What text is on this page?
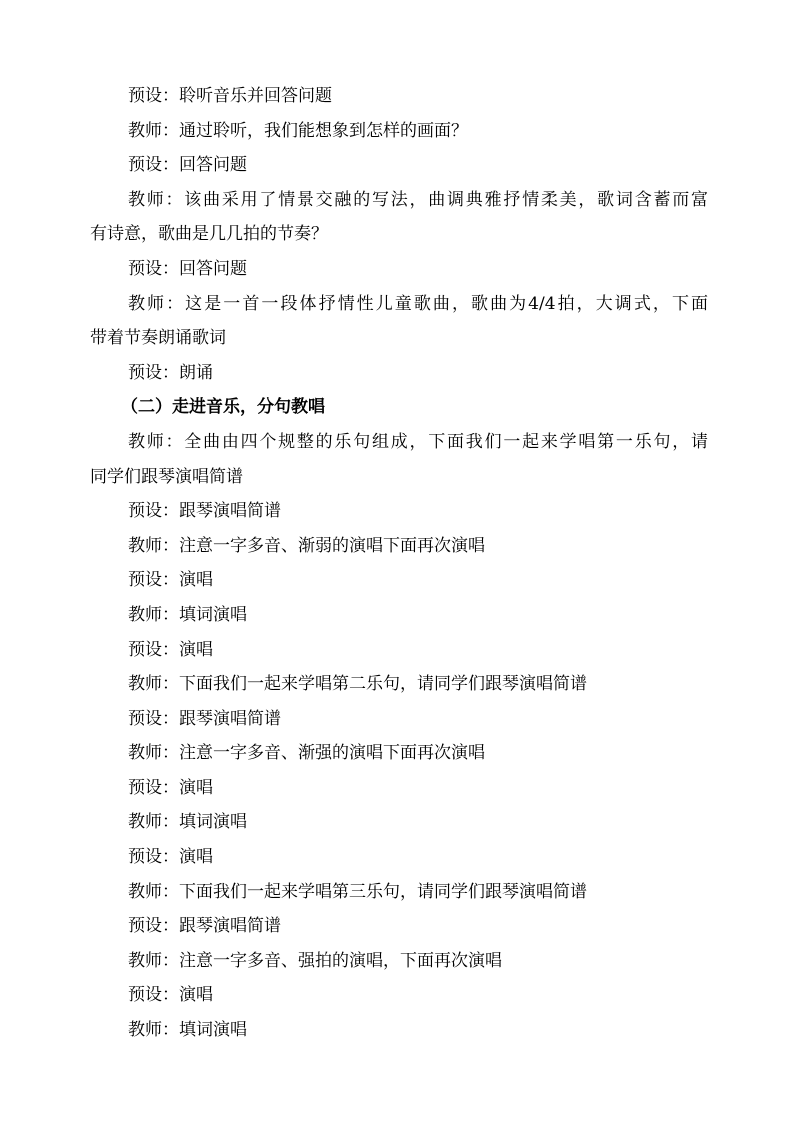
预设：聆听音乐并回答问题

教师：通过聆听，我们能想象到怎样的画面？

预设：回答问题

教师：该曲采用了情景交融的写法，曲调典雅抒情柔美，歌词含蓄而富

有诗意，歌曲是几几拍的节奏？

预设：回答问题

教师：这是一首一段体抒情性儿童歌曲，歌曲为4/4拍，大调式，下面

带着节奏朗诵歌词

预设：朗诵

（二）走进音乐，分句教唱

教师：全曲由四个规整的乐句组成，下面我们一起来学唱第一乐句，请

同学们跟琴演唱简谱

预设：跟琴演唱简谱

教师：注意一字多音、渐弱的演唱下面再次演唱

预设：演唱

教师：填词演唱

预设：演唱

教师：下面我们一起来学唱第二乐句，请同学们跟琴演唱简谱

预设：跟琴演唱简谱

教师：注意一字多音、渐强的演唱下面再次演唱

预设：演唱

教师：填词演唱

预设：演唱

教师：下面我们一起来学唱第三乐句，请同学们跟琴演唱简谱

预设：跟琴演唱简谱

教师：注意一字多音、强拍的演唱，下面再次演唱

预设：演唱

教师：填词演唱
